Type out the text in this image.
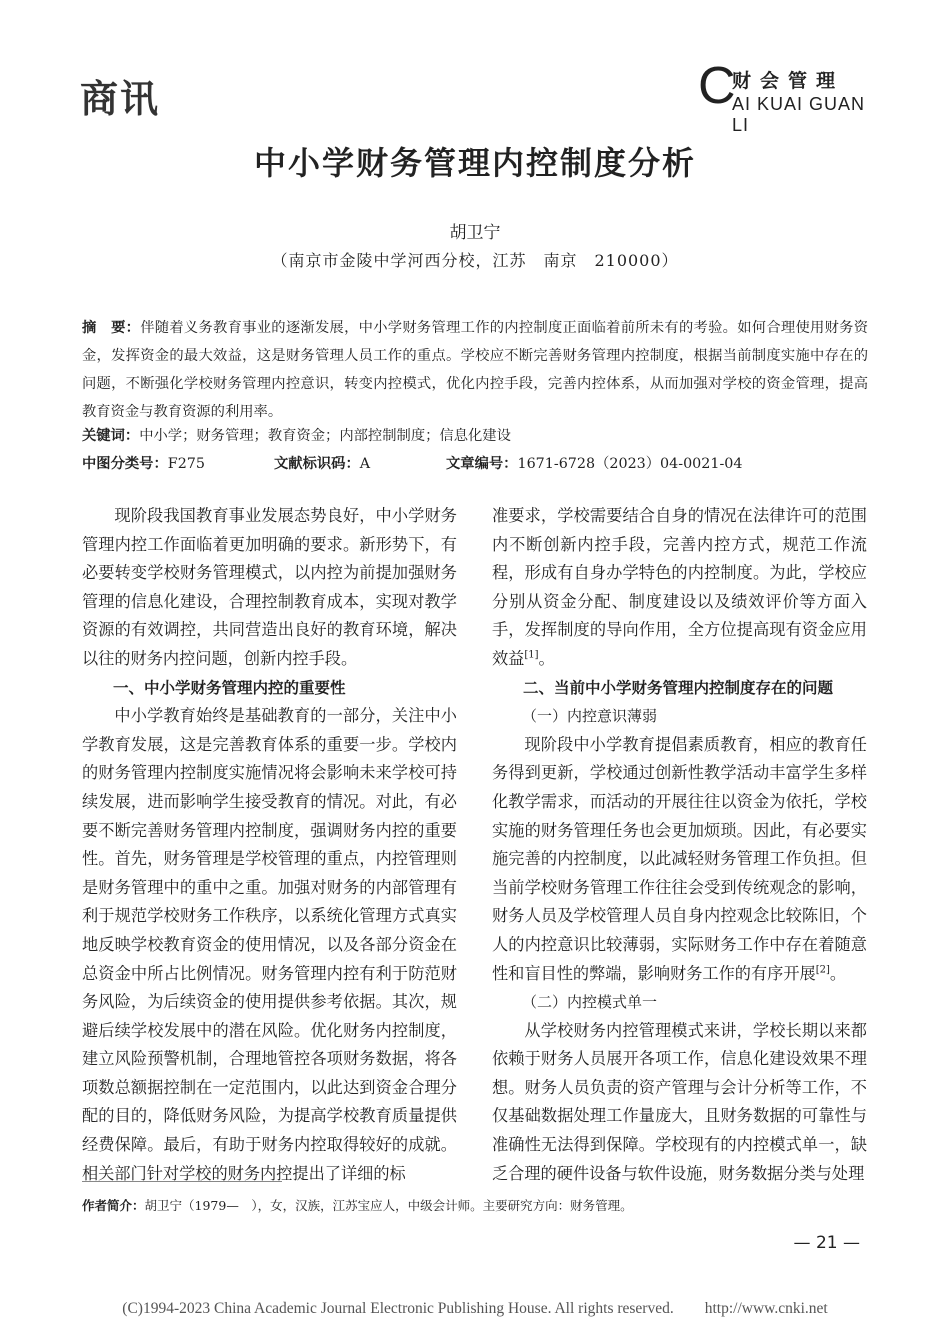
商讯	C
财会管理
AI KUAI GUAN LI
中小学财务管理内控制度分析
胡卫宁
（南京市金陵中学河西分校，江苏　南京　210000）
摘　要：伴随着义务教育事业的逐渐发展，中小学财务管理工作的内控制度正面临着前所未有的考验。如何合理使用财务资金，发挥资金的最大效益，这是财务管理人员工作的重点。学校应不断完善财务管理内控制度，根据当前制度实施中存在的问题，不断强化学校财务管理内控意识，转变内控模式，优化内控手段，完善内控体系，从而加强对学校的资金管理，提高教育资金与教育资源的利用率。
关键词：中小学；财务管理；教育资金；内部控制制度；信息化建设
中图分类号：F275	文献标识码：A	文章编号：1671-6728（2023）04-0021-04

现阶段我国教育事业发展态势良好，中小学财务管理内控工作面临着更加明确的要求。新形势下，有必要转变学校财务管理模式，以内控为前提加强财务管理的信息化建设，合理控制教育成本，实现对教学资源的有效调控，共同营造出良好的教育环境，解决以往的财务内控问题，创新内控手段。

一、中小学财务管理内控的重要性

中小学教育始终是基础教育的一部分，关注中小学教育发展，这是完善教育体系的重要一步。学校内的财务管理内控制度实施情况将会影响未来学校可持续发展，进而影响学生接受教育的情况。对此，有必要不断完善财务管理内控制度，强调财务内控的重要性。首先，财务管理是学校管理的重点，内控管理则是财务管理中的重中之重。加强对财务的内部管理有利于规范学校财务工作秩序，以系统化管理方式真实地反映学校教育资金的使用情况，以及各部分资金在总资金中所占比例情况。财务管理内控有利于防范财务风险，为后续资金的使用提供参考依据。其次，规避后续学校发展中的潜在风险。优化财务内控制度，建立风险预警机制，合理地管控各项财务数据，将各项数总额据控制在一定范围内，以此达到资金合理分配的目的，降低财务风险，为提高学校教育质量提供经费保障。最后，有助于财务内控取得较好的成就。相关部门针对学校的财务内控提出了详细的标

准要求，学校需要结合自身的情况在法律许可的范围内不断创新内控手段，完善内控方式，规范工作流程，形成有自身办学特色的内控制度。为此，学校应分别从资金分配、制度建设以及绩效评价等方面入手，发挥制度的导向作用，全方位提高现有资金应用效益[1]。

二、当前中小学财务管理内控制度存在的问题
（一）内控意识薄弱

现阶段中小学教育提倡素质教育，相应的教育任务得到更新，学校通过创新性教学活动丰富学生多样化教学需求，而活动的开展往往以资金为依托，学校实施的财务管理任务也会更加烦琐。因此，有必要实施完善的内控制度，以此减轻财务管理工作负担。但当前学校财务管理工作往往会受到传统观念的影响，财务人员及学校管理人员自身内控观念比较陈旧，个人的内控意识比较薄弱，实际财务工作中存在着随意性和盲目性的弊端，影响财务工作的有序开展[2]。

（二）内控模式单一

从学校财务内控管理模式来讲，学校长期以来都依赖于财务人员展开各项工作，信息化建设效果不理想。财务人员负责的资产管理与会计分析等工作，不仅基础数据处理工作量庞大，且财务数据的可靠性与准确性无法得到保障。学校现有的内控模式单一，缺乏合理的硬件设备与软件设施，财务数据分类与处理

作者简介：胡卫宁（1979—　），女，汉族，江苏宝应人，中级会计师。主要研究方向：财务管理。
— 21 —
(C)1994-2023 China Academic Journal Electronic Publishing House. All rights reserved.　　http://www.cnki.net
